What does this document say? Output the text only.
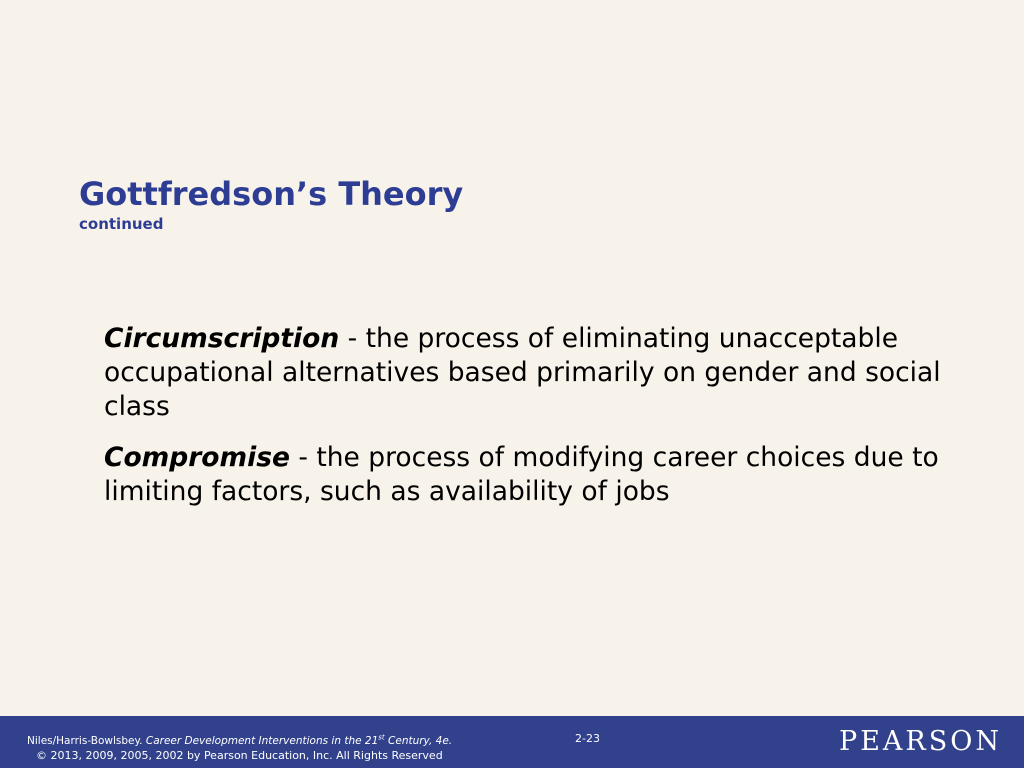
Gottfredson’s Theory
continued

Circumscription - the process of eliminating unacceptable occupational alternatives based primarily on gender and social class

Compromise - the process of modifying career choices due to limiting factors, such as availability of jobs

Niles/Harris-Bowlsbey. Career Development Interventions in the 21st Century, 4e.
© 2013, 2009, 2005, 2002 by Pearson Education, Inc. All Rights Reserved
2-23	PEARSON
